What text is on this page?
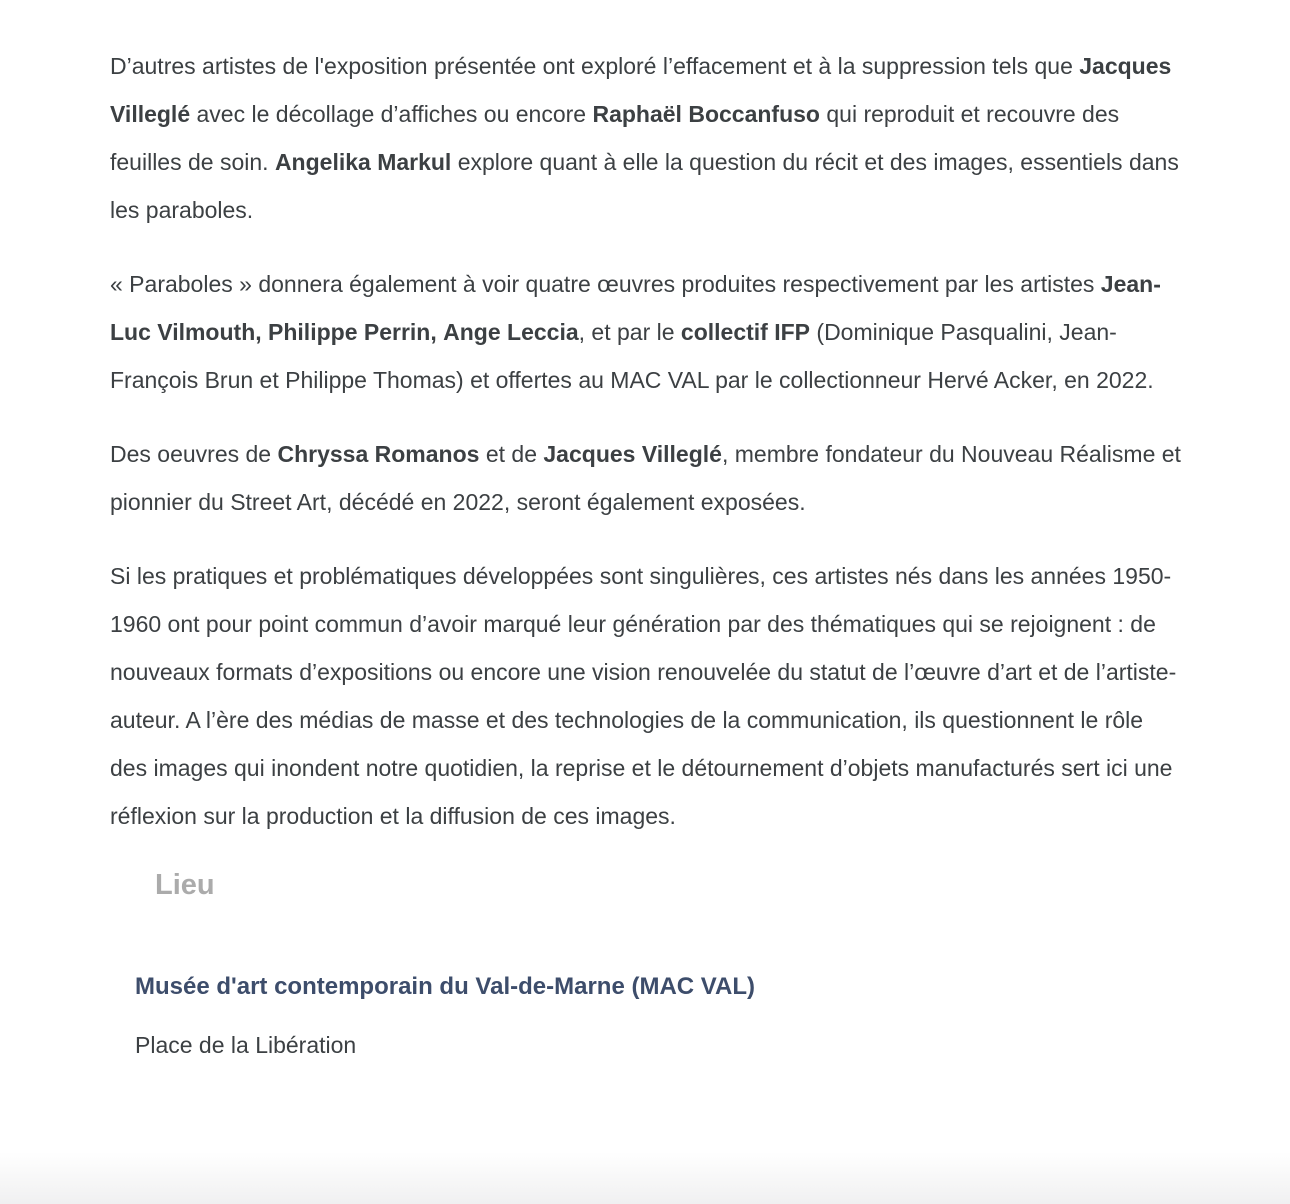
D’autres artistes de l'exposition présentée ont exploré l’effacement et à la suppression tels que Jacques Villeglé avec le décollage d’affiches ou encore Raphaël Boccanfuso qui reproduit et recouvre des feuilles de soin. Angelika Markul explore quant à elle la question du récit et des images, essentiels dans les paraboles.

« Paraboles » donnera également à voir quatre œuvres produites respectivement par les artistes Jean-Luc Vilmouth, Philippe Perrin, Ange Leccia, et par le collectif IFP (Dominique Pasqualini, Jean-François Brun et Philippe Thomas) et offertes au MAC VAL par le collectionneur Hervé Acker, en 2022.

Des oeuvres de Chryssa Romanos et de Jacques Villeglé, membre fondateur du Nouveau Réalisme et pionnier du Street Art, décédé en 2022, seront également exposées.

Si les pratiques et problématiques développées sont singulières, ces artistes nés dans les années 1950-1960 ont pour point commun d’avoir marqué leur génération par des thématiques qui se rejoignent : de nouveaux formats d’expositions ou encore une vision renouvelée du statut de l’œuvre d’art et de l’artiste-auteur. A l’ère des médias de masse et des technologies de la communication, ils questionnent le rôle des images qui inondent notre quotidien, la reprise et le détournement d’objets manufacturés sert ici une réflexion sur la production et la diffusion de ces images.

Lieu
Musée d'art contemporain du Val-de-Marne (MAC VAL)
Place de la Libération
